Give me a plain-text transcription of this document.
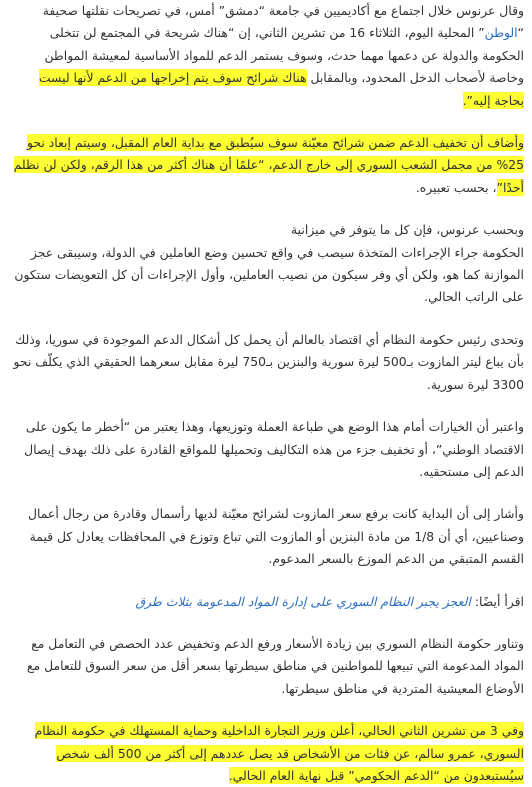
وقال عرنوس خلال اجتماع مع أكاديميين في جامعة “دمشق” أمس، في تصريحات نقلتها صحيفة “الوطن” المحلية اليوم، الثلاثاء 16 من تشرين الثاني، إن “هناك شريحة في المجتمع لن تتخلى الحكومة والدولة عن دعمها مهما حدث، وسوف يستمر الدعم للمواد الأساسية لمعيشة المواطن وخاصة لأصحاب الدخل المحدود، وبالمقابل هناك شرائح سوف يتم إخراجها من الدعم لأنها ليست بحاجة إليه”.

وأضاف أن تخفيف الدعم ضمن شرائح معيّنة سوف سيُطبق مع بداية العام المقبل، وسيتم إبعاد نحو 25% من مجمل الشعب السوري إلى خارج الدعم، “علمًا أن هناك أكثر من هذا الرقم، ولكن لن نظلم أحدًا”، بحسب تعبيره.

وبحسب عرنوس، فإن كل ما يتوفر في ميزانية

الحكومة جراء الإجراءات المتخذة سيصب في واقع تحسين وضع العاملين في الدولة، وسيبقى عجز الموازنة كما هو، ولكن أي وفر سيكون من نصيب العاملين، وأول الإجراءات أن كل التعويضات ستكون على الراتب الحالي.

وتحدى رئيس حكومة النظام أي اقتصاد بالعالم أن يحمل كل أشكال الدعم الموجودة في سوريا، وذلك بأن يباع ليتر المازوت بـ500 ليرة سورية والبنزين بـ750 ليرة مقابل سعرهما الحقيقي الذي يكلّف نحو 3300 ليرة سورية.

واعتبر أن الخيارات أمام هذا الوضع هي طباعة العملة وتوزيعها، وهذا يعتبر من “أخطر ما يكون على الاقتصاد الوطني”، أو تخفيف جزء من هذه التكاليف وتحميلها للمواقع القادرة على ذلك بهدف إيصال الدعم إلى مستحقيه.

وأشار إلى أن البداية كانت برفع سعر المازوت لشرائح معيّنة لديها رأسمال وقادرة من رجال أعمال وصناعيين، أي أن 1/8 من مادة البنزين أو المازوت التي تباع وتوزع في المحافظات يعادل كل قيمة القسم المتبقي من الدعم الموزع بالسعر المدعوم.

اقرأ أيضًا: العجز يجبر النظام السوري على إدارة المواد المدعومة بثلاث طرق

وتناور حكومة النظام السوري بين زيادة الأسعار ورفع الدعم وتخفيض عدد الحصص في التعامل مع المواد المدعومة التي تبيعها للمواطنين في مناطق سيطرتها بسعر أقل من سعر السوق للتعامل مع الأوضاع المعيشية المتردية في مناطق سيطرتها.

وفي 3 من تشرين الثاني الحالي، أعلن وزير التجارة الداخلية وحماية المستهلك في حكومة النظام السوري، عمرو سالم، عن فئات من الأشخاص قد يصل عددهم إلى أكثر من 500 ألف شخص سيُستبعدون من “الدعم الحكومي” قبل نهاية العام الحالي.
